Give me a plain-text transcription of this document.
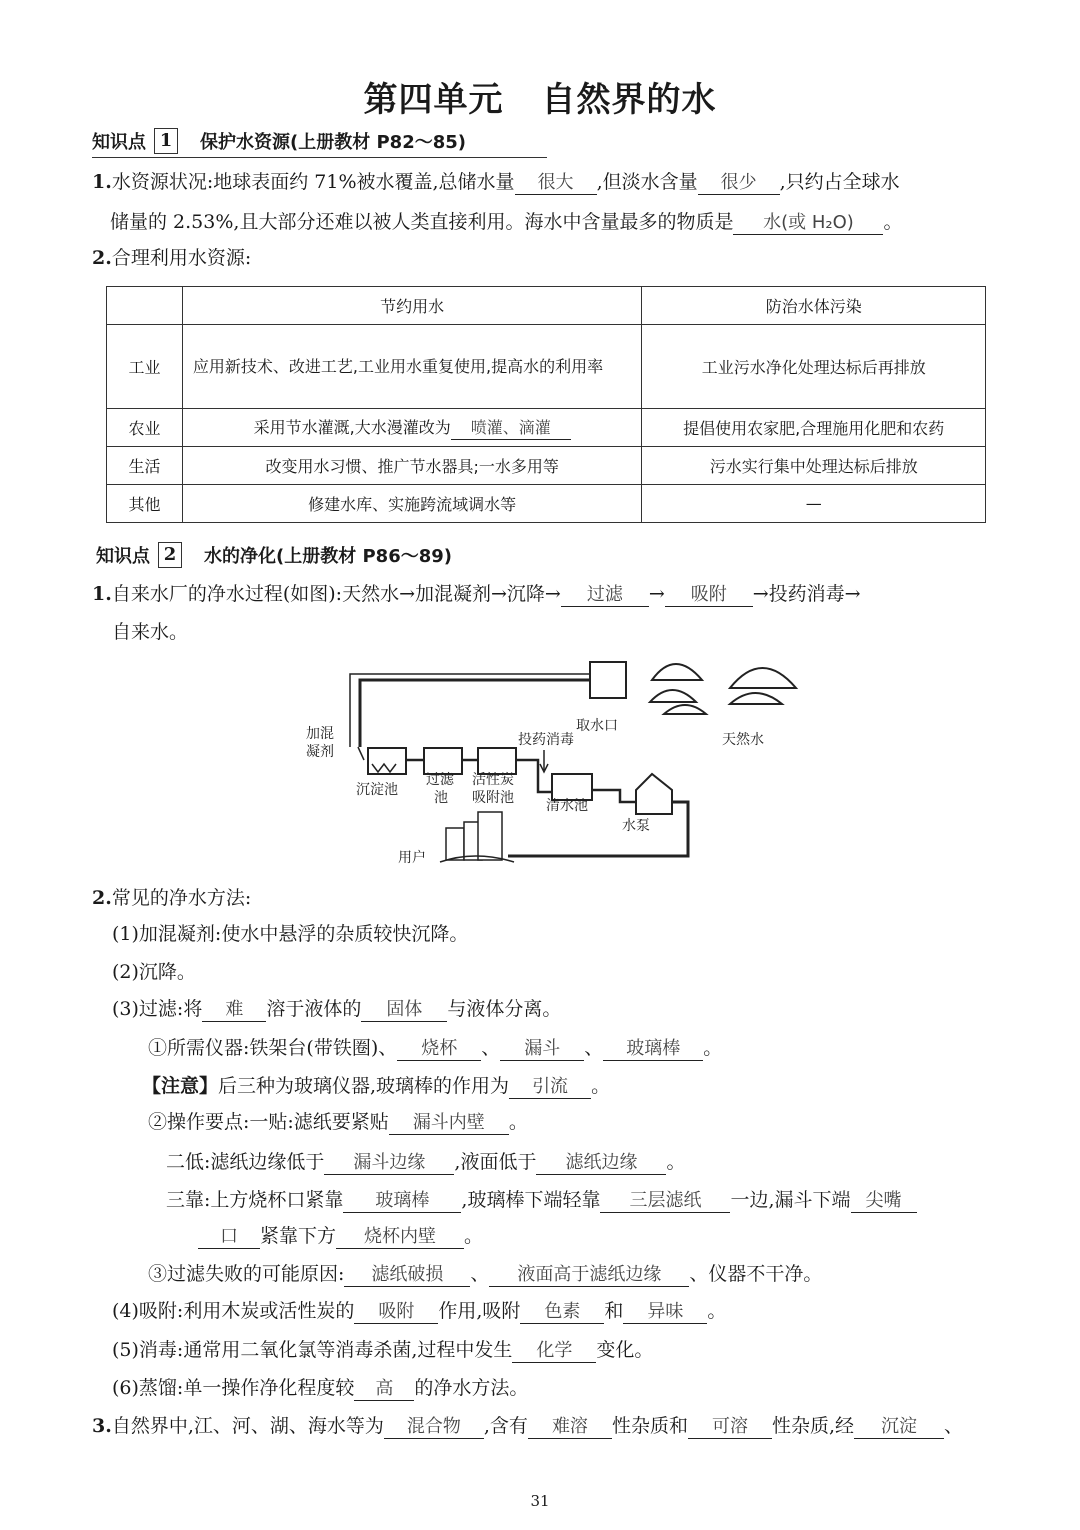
第四单元 自然界的水
知识点 1	保护水资源(上册教材 P82～85)
1.水资源状况:地球表面约 71%被水覆盖,总储水量 很大 ,但淡水含量 很少 ,只约占全球水
储量的 2.53%,且大部分还难以被人类直接利用。海水中含量最多的物质是 水(或 H₂O) 。
2.合理利用水资源:
	节约用水	防治水体污染
工业	应用新技术、改进工艺,工业用水重复使用,提高水的利用率	工业污水净化处理达标后再排放
农业	采用节水灌溉,大水漫灌改为 喷灌、滴灌	提倡使用农家肥,合理施用化肥和农药
生活	改变用水习惯、推广节水器具;一水多用等	污水实行集中处理达标后排放
其他	修建水库、实施跨流域调水等	—
知识点 2	水的净化(上册教材 P86～89)
1.自来水厂的净水过程(如图):天然水→加混凝剂→沉降→ 过滤 → 吸附 →投药消毒→
自来水。
取水口
天然水
加混
凝剂
投药消毒
沉淀池
过滤
池
活性炭
吸附池 清水池
水泵
用户
2.常见的净水方法:
(1)加混凝剂:使水中悬浮的杂质较快沉降。
(2)沉降。
(3)过滤:将 难 溶于液体的 固体 与液体分离。
①所需仪器:铁架台(带铁圈)、 烧杯 、 漏斗 、 玻璃棒 。
【注意】后三种为玻璃仪器,玻璃棒的作用为 引流 。
②操作要点:一贴:滤纸要紧贴 漏斗内壁 。
二低:滤纸边缘低于 漏斗边缘 ,液面低于 滤纸边缘 。
三靠:上方烧杯口紧靠 玻璃棒 ,玻璃棒下端轻靠 三层滤纸 一边,漏斗下端 尖嘴
口 紧靠下方 烧杯内壁 。
③过滤失败的可能原因: 滤纸破损 、 液面高于滤纸边缘 、仪器不干净。
(4)吸附:利用木炭或活性炭的 吸附 作用,吸附 色素 和 异味 。
(5)消毒:通常用二氧化氯等消毒杀菌,过程中发生 化学 变化。
(6)蒸馏:单一操作净化程度较 高 的净水方法。
3.自然界中,江、河、湖、海水等为 混合物 ,含有 难溶 性杂质和 可溶 性杂质,经 沉淀 、
31
